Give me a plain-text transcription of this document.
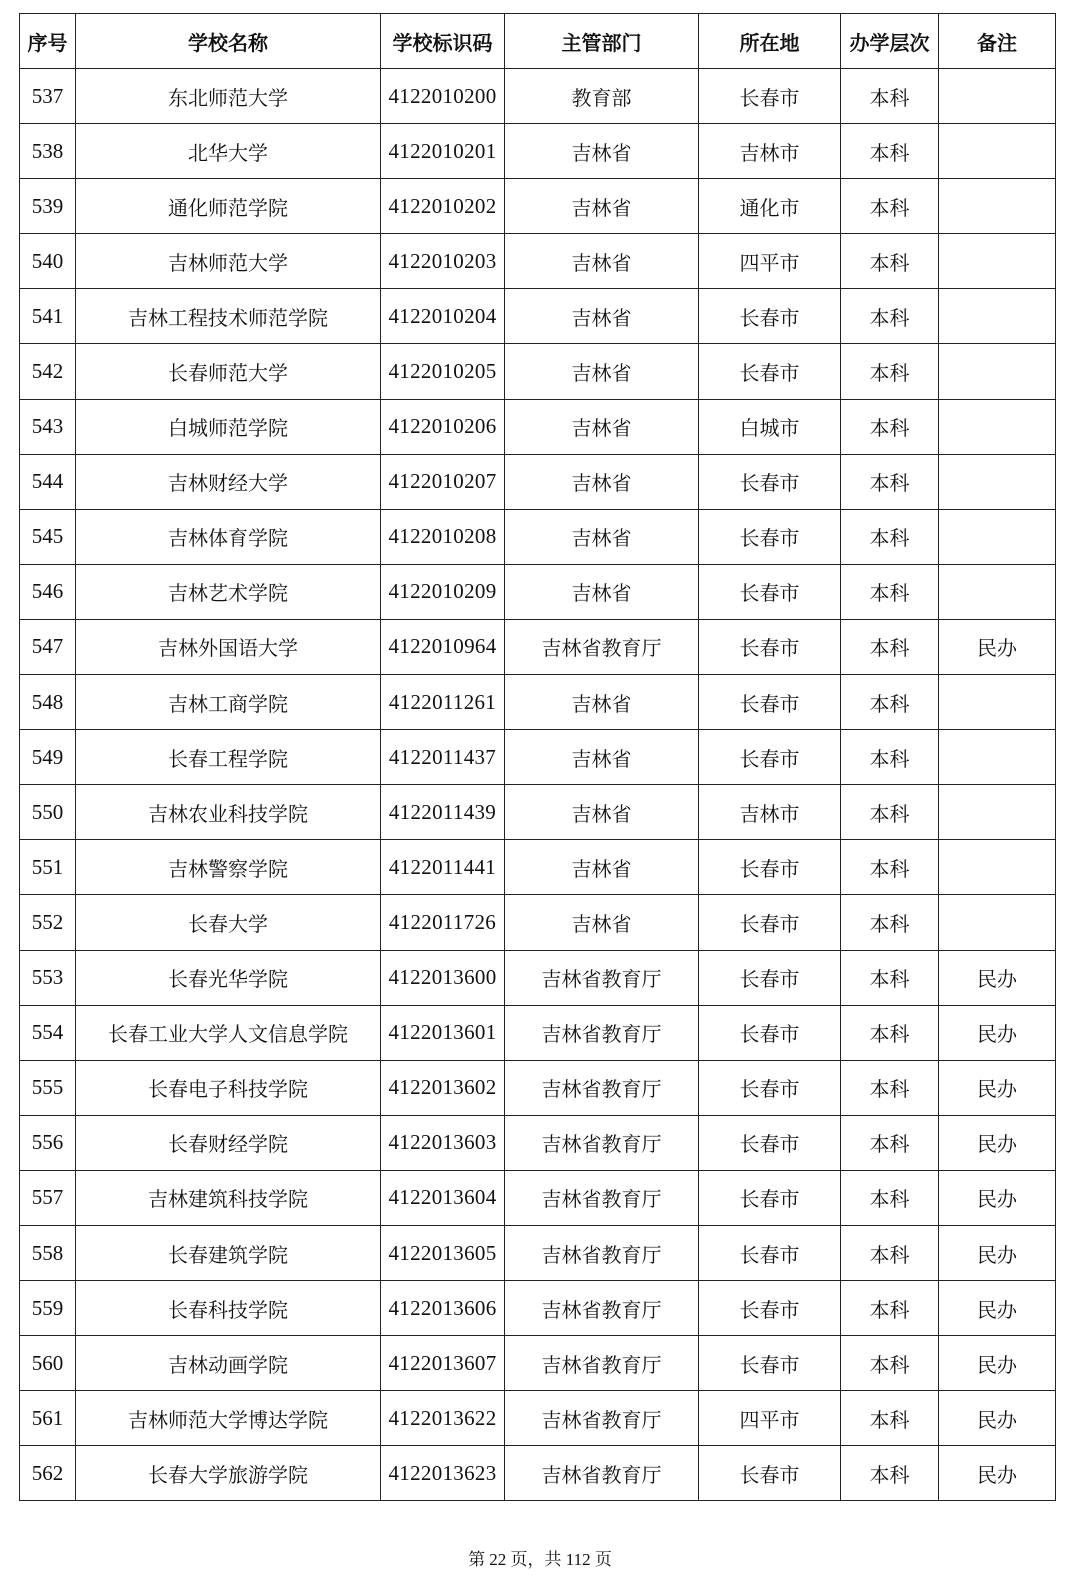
序号	学校名称	学校标识码	主管部门	所在地	办学层次	备注
537	东北师范大学	4122010200	教育部	长春市	本科	
538	北华大学	4122010201	吉林省	吉林市	本科	
539	通化师范学院	4122010202	吉林省	通化市	本科	
540	吉林师范大学	4122010203	吉林省	四平市	本科	
541	吉林工程技术师范学院	4122010204	吉林省	长春市	本科	
542	长春师范大学	4122010205	吉林省	长春市	本科	
543	白城师范学院	4122010206	吉林省	白城市	本科	
544	吉林财经大学	4122010207	吉林省	长春市	本科	
545	吉林体育学院	4122010208	吉林省	长春市	本科	
546	吉林艺术学院	4122010209	吉林省	长春市	本科	
547	吉林外国语大学	4122010964	吉林省教育厅	长春市	本科	民办
548	吉林工商学院	4122011261	吉林省	长春市	本科	
549	长春工程学院	4122011437	吉林省	长春市	本科	
550	吉林农业科技学院	4122011439	吉林省	吉林市	本科	
551	吉林警察学院	4122011441	吉林省	长春市	本科	
552	长春大学	4122011726	吉林省	长春市	本科	
553	长春光华学院	4122013600	吉林省教育厅	长春市	本科	民办
554	长春工业大学人文信息学院	4122013601	吉林省教育厅	长春市	本科	民办
555	长春电子科技学院	4122013602	吉林省教育厅	长春市	本科	民办
556	长春财经学院	4122013603	吉林省教育厅	长春市	本科	民办
557	吉林建筑科技学院	4122013604	吉林省教育厅	长春市	本科	民办
558	长春建筑学院	4122013605	吉林省教育厅	长春市	本科	民办
559	长春科技学院	4122013606	吉林省教育厅	长春市	本科	民办
560	吉林动画学院	4122013607	吉林省教育厅	长春市	本科	民办
561	吉林师范大学博达学院	4122013622	吉林省教育厅	四平市	本科	民办
562	长春大学旅游学院	4122013623	吉林省教育厅	长春市	本科	民办
第 22 页，共 112 页
